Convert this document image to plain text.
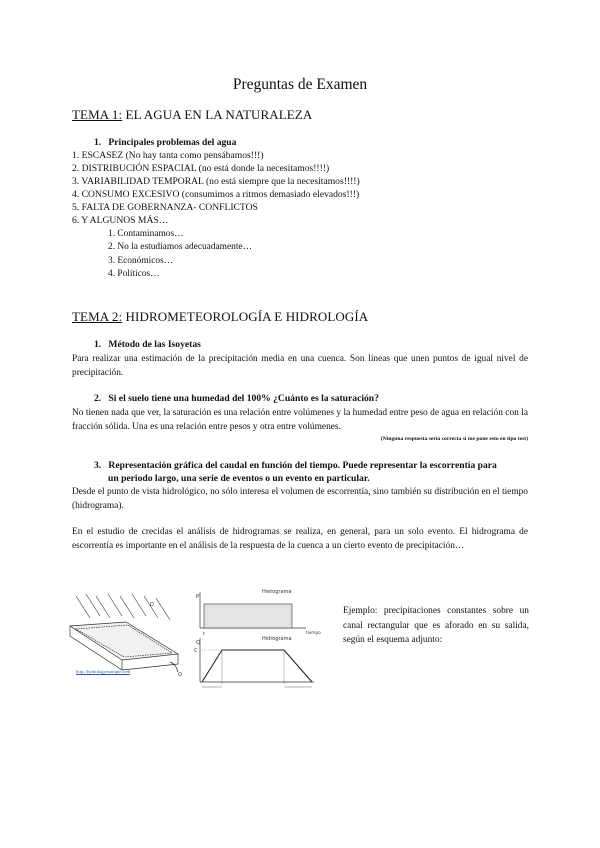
Preguntas de Examen
TEMA 1: EL AGUA EN LA NATURALEZA
1. Principales problemas del agua
1. ESCASEZ (No hay tanta como pensábamos!!!)
2. DISTRIBUCIÓN ESPACIAL (no está donde la necesitamos!!!!)
3. VARIABILIDAD TEMPORAL (no está siempre que la necesitamos!!!!)
4. CONSUMO EXCESIVO (consumimos a ritmos demasiado elevados!!!)
5. FALTA DE GOBERNANZA- CONFLICTOS
6. Y ALGUNOS MÁS…
1. Contaminamos…
2. No la estudiamos adecuadamente…
3. Económicos…
4. Políticos…
TEMA 2: HIDROMETEOROLOGÍA E HIDROLOGÍA
1. Método de las Isoyetas
Para realizar una estimación de la precipitación media en una cuenca. Son líneas que unen puntos de igual nivel de precipitación.
2. Si el suelo tiene una humedad del 100% ¿Cuánto es la saturación?
No tienen nada que ver, la saturación es una relación entre volúmenes y la humedad entre peso de agua en relación con la fracción sólida. Una es una relación entre pesos y otra entre volúmenes.
(Ninguna respuesta sería correcta si me pone esto en tipo test)
3. Representación gráfica del caudal en función del tiempo. Puede representar la escorrentía para
un periodo largo, una serie de eventos o un evento en particular.
Desde el punto de vista hidrológico, no sólo interesa el volumen de escorrentía, sino también su distribución en el tiempo (hidrograma).
En el estudio de crecidas el análisis de hidrogramas se realiza, en general, para un solo evento. El hidrograma de escorrentía es importante en el análisis de la respuesta de la cuenca a un cierto evento de precipitación…
D
Q
P
Hietograma
tiempo
t
Q
C
Hidrograma
http://hydrologyexample.web
Ejemplo: precipitaciones constantes sobre un canal rectangular que es aforado en su salida, según el esquema adjunto:
